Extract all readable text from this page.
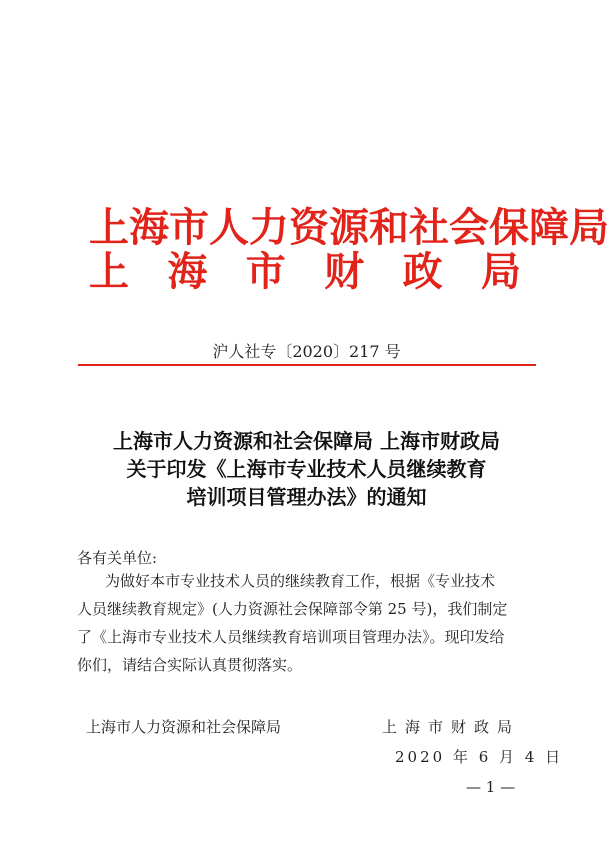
上海市人力资源和社会保障局
上 海 市 财 政 局
沪人社专〔2020〕217 号
上海市人力资源和社会保障局 上海市财政局
关于印发《上海市专业技术人员继续教育
培训项目管理办法》的通知
各有关单位:
为做好本市专业技术人员的继续教育工作，根据《专业技术
人员继续教育规定》(人力资源社会保障部令第 25 号)，我们制定
了《上海市专业技术人员继续教育培训项目管理办法》。现印发给
你们，请结合实际认真贯彻落实。
上海市人力资源和社会保障局	上海市财政局
2020 年 6 月 4 日
— 1 —
